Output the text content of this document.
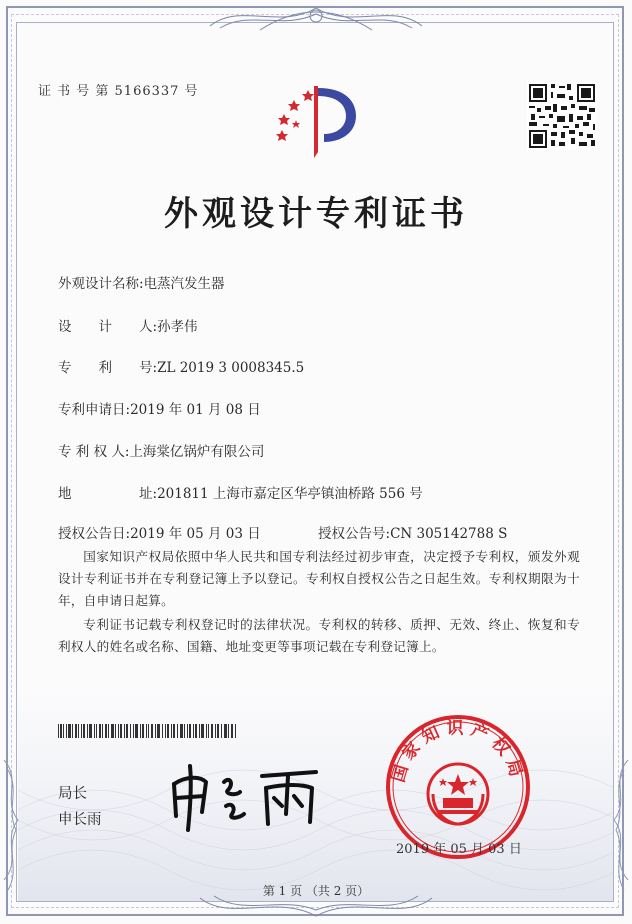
证 书 号 第 5166337 号
外观设计专利证书
外观设计名称:电蒸汽发生器
设　　计　　人:孙孝伟
专　　利　　号:ZL 2019 3 0008345.5
专利申请日:2019 年 01 月 08 日
专 利 权 人:上海棠亿锅炉有限公司
地　　　　　址:201811 上海市嘉定区华亭镇油桥路 556 号
授权公告日:2019 年 05 月 03 日	授权公告号:CN 305142788 S
国家知识产权局依照中华人民共和国专利法经过初步审查，决定授予专利权，颁发外观设计专利证书并在专利登记簿上予以登记。专利权自授权公告之日起生效。专利权期限为十年，自申请日起算。
专利证书记载专利权登记时的法律状况。专利权的转移、质押、无效、终止、恢复和专利权人的姓名或名称、国籍、地址变更等事项记载在专利登记簿上。
局长
申长雨
国家知识产权局
2019 年 05 月 03 日
第 1 页 （共 2 页）
